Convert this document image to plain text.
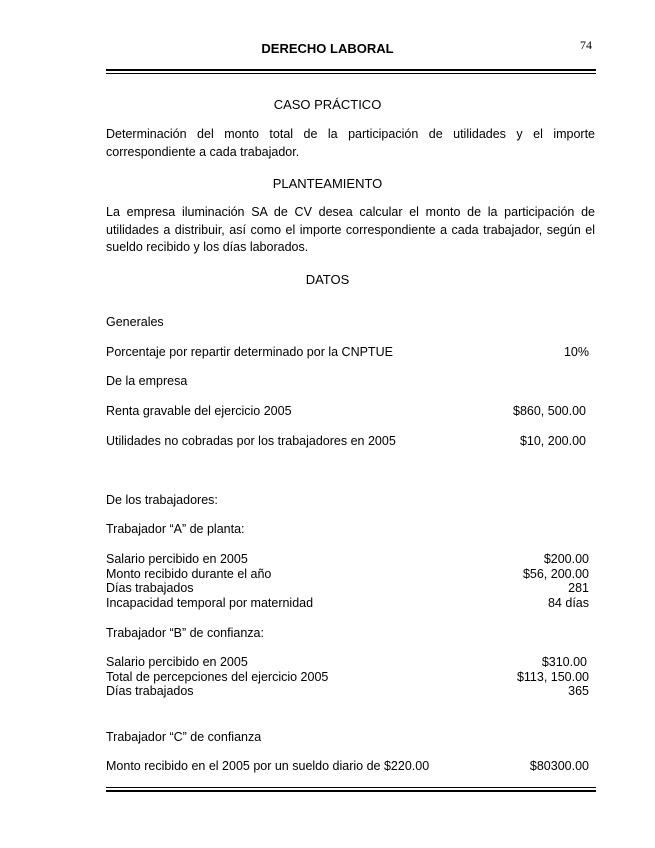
DERECHO LABORAL	74
CASO PRÁCTICO

Determinación del monto total de la participación de utilidades y el importe correspondiente a cada trabajador.

PLANTEAMIENTO

La empresa iluminación SA de CV desea calcular el monto de la participación de utilidades a distribuir, así como el importe correspondiente a cada trabajador, según el sueldo recibido y los días laborados.

DATOS
Generales
Porcentaje por repartir determinado por la CNPTUE	10%
De la empresa
Renta gravable del ejercicio 2005	$860, 500.00
Utilidades no cobradas por los trabajadores en 2005	$10, 200.00
De los trabajadores:
Trabajador “A” de planta:
Salario percibido en 2005	$200.00
Monto recibido durante el año	$56, 200.00
Días trabajados	281
Incapacidad temporal por maternidad	84 días
Trabajador “B” de confianza:
Salario percibido en 2005	$310.00
Total de percepciones del ejercicio 2005	$113, 150.00
Días trabajados	365
Trabajador “C” de confianza
Monto recibido en el 2005 por un sueldo diario de $220.00	$80300.00
